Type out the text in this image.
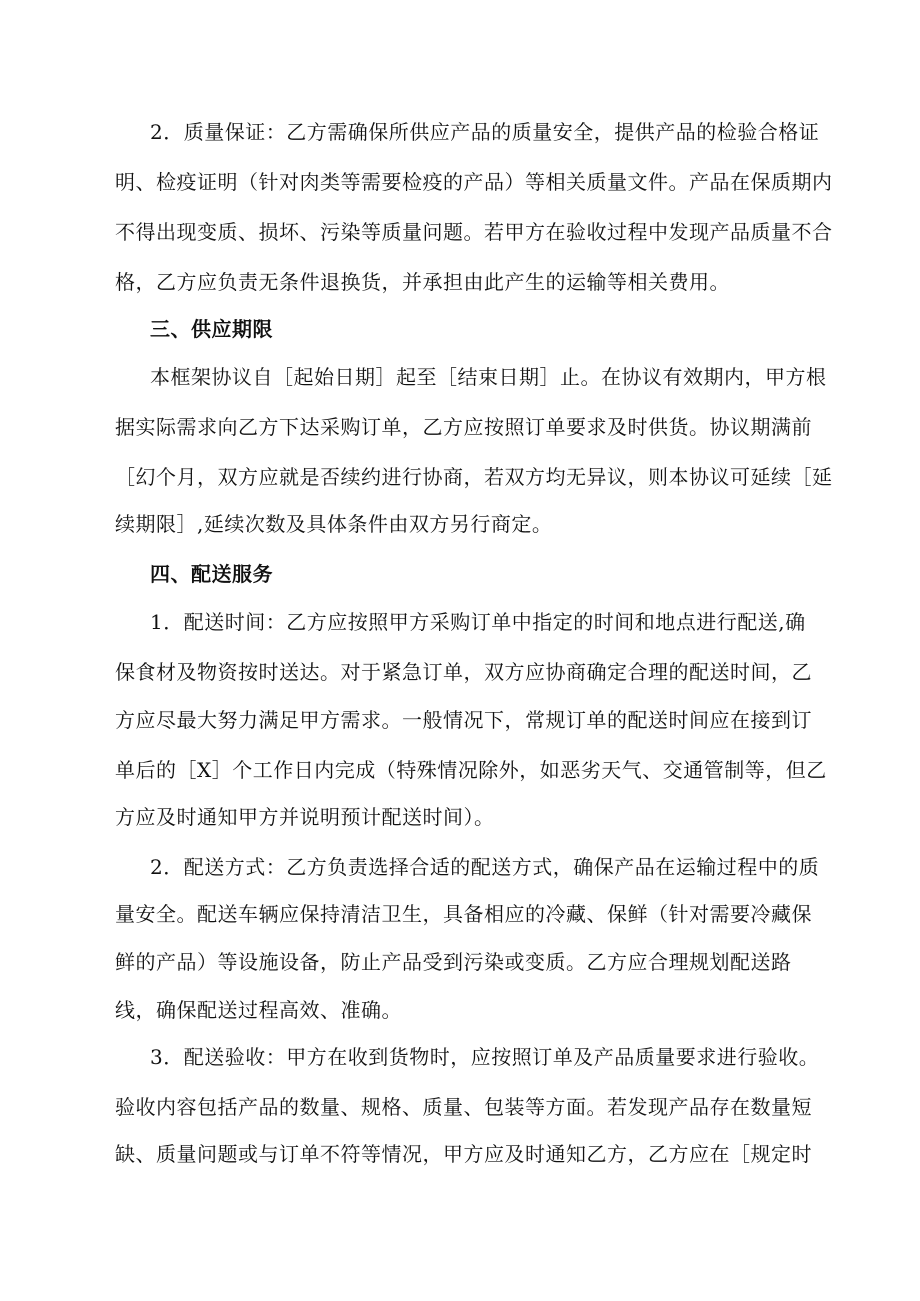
2．质量保证：乙方需确保所供应产品的质量安全，提供产品的检验合格证
明、检疫证明（针对肉类等需要检疫的产品）等相关质量文件。产品在保质期内
不得出现变质、损坏、污染等质量问题。若甲方在验收过程中发现产品质量不合
格，乙方应负责无条件退换货，并承担由此产生的运输等相关费用。
三、供应期限
本框架协议自［起始日期］起至［结束日期］止。在协议有效期内，甲方根
据实际需求向乙方下达采购订单，乙方应按照订单要求及时供货。协议期满前
［幻个月，双方应就是否续约进行协商，若双方均无异议，则本协议可延续［延
续期限］,延续次数及具体条件由双方另行商定。
四、配送服务
1．配送时间：乙方应按照甲方采购订单中指定的时间和地点进行配送,确
保食材及物资按时送达。对于紧急订单，双方应协商确定合理的配送时间，乙
方应尽最大努力满足甲方需求。一般情况下，常规订单的配送时间应在接到订
单后的［X］个工作日内完成（特殊情况除外，如恶劣天气、交通管制等，但乙
方应及时通知甲方并说明预计配送时间）。
2．配送方式：乙方负责选择合适的配送方式，确保产品在运输过程中的质
量安全。配送车辆应保持清洁卫生，具备相应的冷藏、保鲜（针对需要冷藏保
鲜的产品）等设施设备，防止产品受到污染或变质。乙方应合理规划配送路
线，确保配送过程高效、准确。
3．配送验收：甲方在收到货物时，应按照订单及产品质量要求进行验收。
验收内容包括产品的数量、规格、质量、包装等方面。若发现产品存在数量短
缺、质量问题或与订单不符等情况，甲方应及时通知乙方，乙方应在［规定时
